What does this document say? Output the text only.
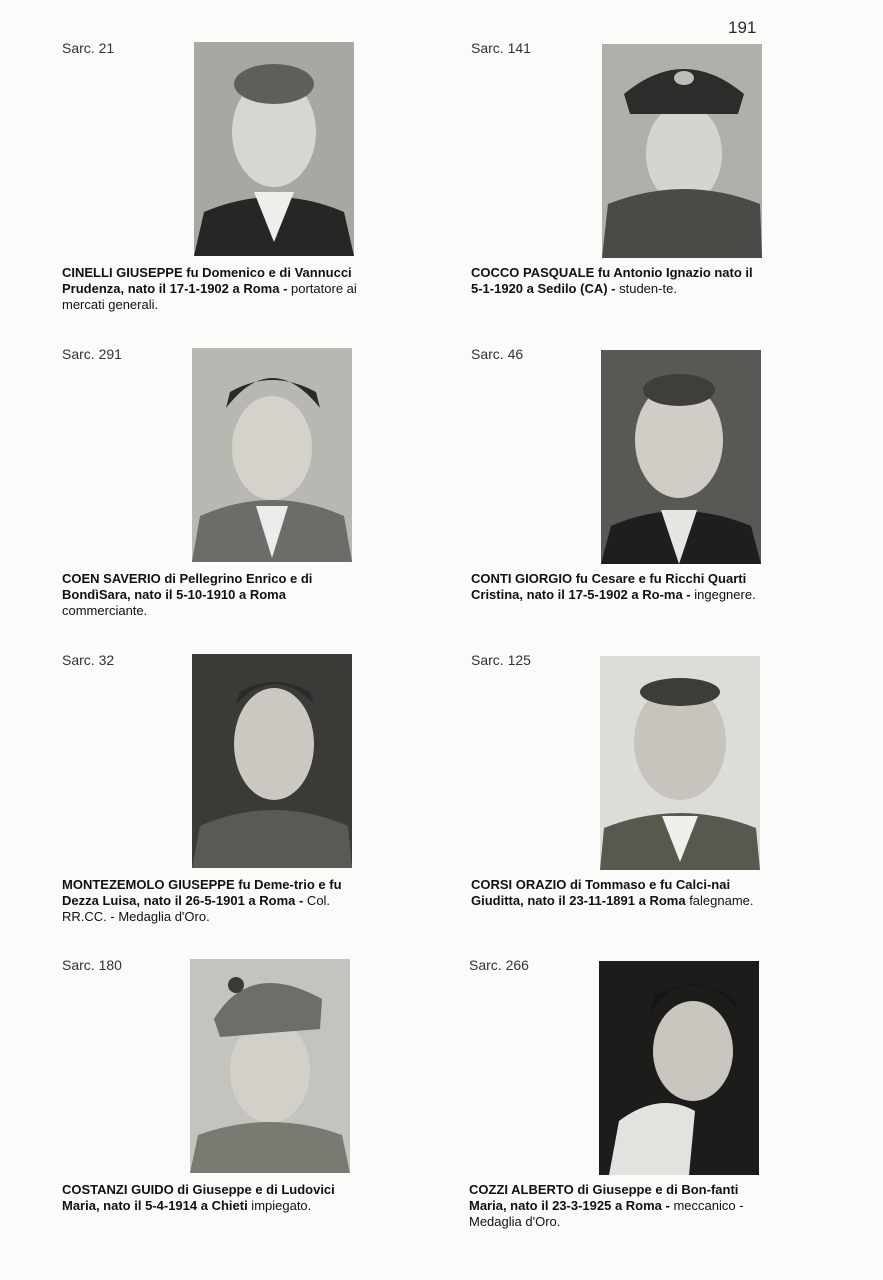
191
Sarc. 21
CINELLI GIUSEPPE fu Domenico e di Vannucci Prudenza, nato il 17-1-1902 a Roma - portatore ai mercati generali.
Sarc. 141
COCCO PASQUALE fu Antonio Ignazio nato il 5-1-1920 a Sedilo (CA) - studen-te.
Sarc. 291
COEN SAVERIO di Pellegrino Enrico e di BondìSara, nato il 5-10-1910 a Roma commerciante.
Sarc. 46
CONTI GIORGIO fu Cesare e fu Ricchi Quarti Cristina, nato il 17-5-1902 a Ro-ma - ingegnere.
Sarc. 32
MONTEZEMOLO GIUSEPPE fu Deme-trio e fu Dezza Luisa, nato il 26-5-1901 a Roma - Col. RR.CC. - Medaglia d'Oro.
Sarc. 125
CORSI ORAZIO di Tommaso e fu Calci-nai Giuditta, nato il 23-11-1891 a Roma falegname.
Sarc. 180
COSTANZI GUIDO di Giuseppe e di Ludovici Maria, nato il 5-4-1914 a Chieti impiegato.
Sarc. 266
COZZI ALBERTO di Giuseppe e di Bon-fanti Maria, nato il 23-3-1925 a Roma - meccanico - Medaglia d'Oro.
